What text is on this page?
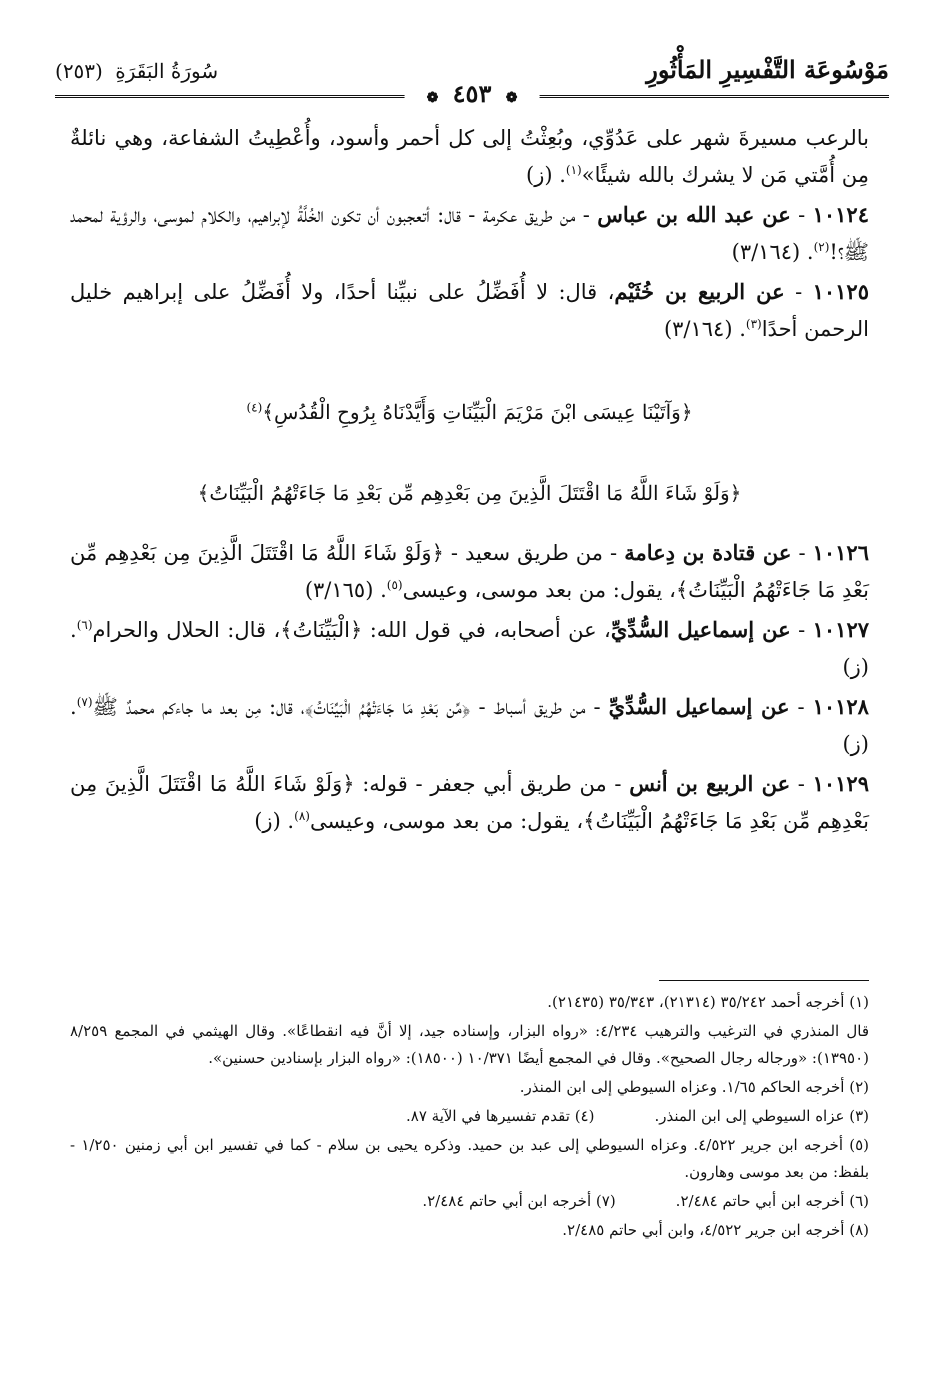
مَوْسُوعَة التَّفْسِيرِ المَأْثُورِ
سُورَةُ البَقَرَةِ (٢٥٣)
❁ ٤٥٣ ❁

بالرعب مسيرةَ شهر على عَدُوِّي، وبُعِثْتُ إلى كل أحمر وأسود، وأُعْطِيتُ الشفاعة، وهي نائلةٌ مِن أُمَّتي مَن لا يشرك بالله شيئًا»$^{(١)}$. (ز)

١٠١٢٤ - عن عبد الله بن عباس - من طريق عكرمة - قال: أتعجبون أن تكون الخُلَّةُ لإبراهيم، والكلام لموسى، والرؤية لمحمد ﷺ؟!$^{(٢)}$. (٣/١٦٤)

١٠١٢٥ - عن الربيع بن خُثَيْم، قال: لا أُفَضِّلُ على نبيِّنا أحدًا، ولا أُفَضِّلُ على إبراهيم خليل الرحمن أحدًا$^{(٣)}$. (٣/١٦٤)

﴿وَآتَيْنَا عِيسَى ابْنَ مَرْيَمَ الْبَيِّنَاتِ وَأَيَّدْنَاهُ بِرُوحِ الْقُدُسِ﴾$^{(٤)}$
﴿وَلَوْ شَاءَ اللَّهُ مَا اقْتَتَلَ الَّذِينَ مِن بَعْدِهِم مِّن بَعْدِ مَا جَاءَتْهُمُ الْبَيِّنَاتُ﴾

١٠١٢٦ - عن قتادة بن دِعامة - من طريق سعيد - ﴿وَلَوْ شَاءَ اللَّهُ مَا اقْتَتَلَ الَّذِينَ مِن بَعْدِهِم مِّن بَعْدِ مَا جَاءَتْهُمُ الْبَيِّنَاتُ﴾، يقول: من بعد موسى، وعيسى$^{(٥)}$. (٣/١٦٥)

١٠١٢٧ - عن إسماعيل السُّدِّيِّ، عن أصحابه، في قول الله: ﴿الْبَيِّنَاتُ﴾، قال: الحلال والحرام$^{(٦)}$. (ز)

١٠١٢٨ - عن إسماعيل السُّدِّيِّ - من طريق أسباط - ﴿مِّن بَعْدِ مَا جَاءَتْهُمُ الْبَيِّنَاتُ﴾، قال: مِن بعد ما جاءكم محمدٌ ﷺ$^{(٧)}$. (ز)

١٠١٢٩ - عن الربيع بن أنس - من طريق أبي جعفر - قوله: ﴿وَلَوْ شَاءَ اللَّهُ مَا اقْتَتَلَ الَّذِينَ مِن بَعْدِهِم مِّن بَعْدِ مَا جَاءَتْهُمُ الْبَيِّنَاتُ﴾، يقول: من بعد موسى، وعيسى$^{(٨)}$. (ز)

(١) أخرجه أحمد ٣٥/٢٤٢ (٢١٣١٤)، ٣٥/٣٤٣ (٢١٤٣٥).

قال المنذري في الترغيب والترهيب ٤/٢٣٤: «رواه البزار، وإسناده جيد، إلا أنَّ فيه انقطاعًا». وقال الهيثمي في المجمع ٨/٢٥٩ (١٣٩٥٠): «ورجاله رجال الصحيح». وقال في المجمع أيضًا ١٠/٣٧١ (١٨٥٠٠): «رواه البزار بإسنادين حسنين».

(٢) أخرجه الحاكم ١/٦٥. وعزاه السيوطي إلى ابن المنذر.

(٣) عزاه السيوطي إلى ابن المنذر.

(٤) تقدم تفسيرها في الآية ٨٧.

(٥) أخرجه ابن جرير ٤/٥٢٢. وعزاه السيوطي إلى عبد بن حميد. وذكره يحيى بن سلام - كما في تفسير ابن أبي زمنين ١/٢٥٠ - بلفظ: من بعد موسى وهارون.

(٦) أخرجه ابن أبي حاتم ٢/٤٨٤.

(٧) أخرجه ابن أبي حاتم ٢/٤٨٤.

(٨) أخرجه ابن جرير ٤/٥٢٢، وابن أبي حاتم ٢/٤٨٥.
